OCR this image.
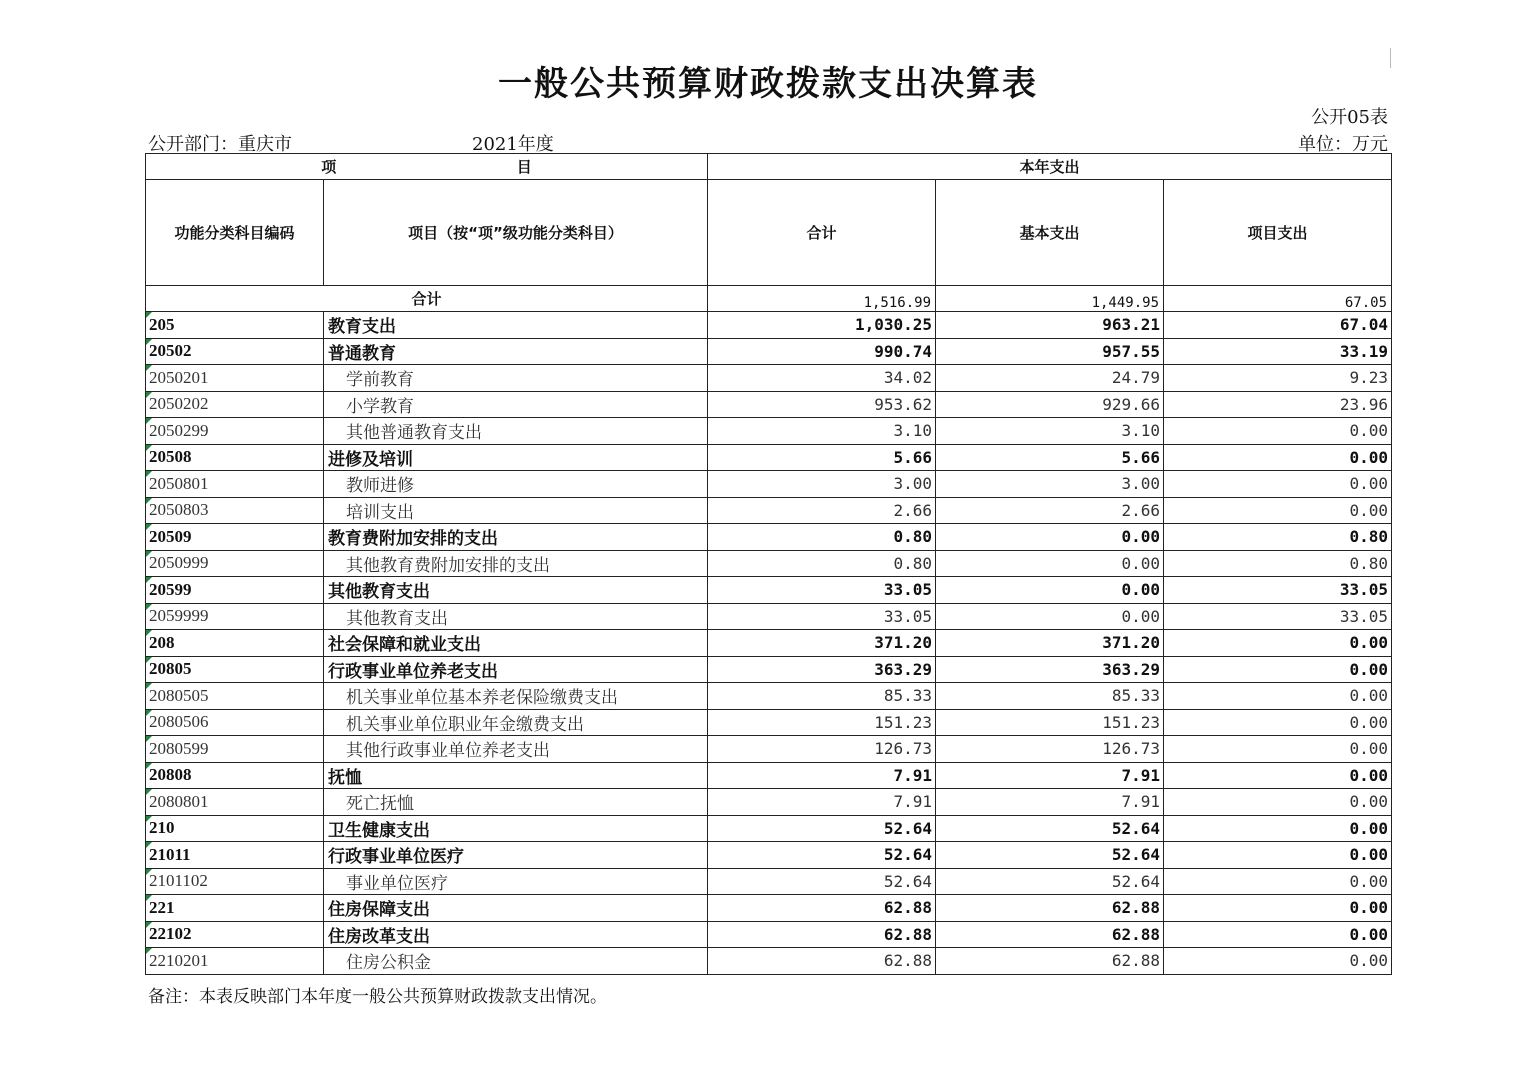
一般公共预算财政拨款支出决算表
公开05表
公开部门：重庆市	2021年度	单位：万元
项 目		本年支出		
功能分类科目编码	项目（按“项”级功能分类科目）	合计	基本支出	项目支出
合计		1,516.99	1,449.95	67.05

205	教育支出	1,030.25	963.21	67.04

20502	普通教育	990.74	957.55	33.19

2050201	学前教育	34.02	24.79	9.23

2050202	小学教育	953.62	929.66	23.96

2050299	其他普通教育支出	3.10	3.10	0.00

20508	进修及培训	5.66	5.66	0.00

2050801	教师进修	3.00	3.00	0.00

2050803	培训支出	2.66	2.66	0.00

20509	教育费附加安排的支出	0.80	0.00	0.80

2050999	其他教育费附加安排的支出	0.80	0.00	0.80

20599	其他教育支出	33.05	0.00	33.05

2059999	其他教育支出	33.05	0.00	33.05

208	社会保障和就业支出	371.20	371.20	0.00

20805	行政事业单位养老支出	363.29	363.29	0.00

2080505	机关事业单位基本养老保险缴费支出	85.33	85.33	0.00

2080506	机关事业单位职业年金缴费支出	151.23	151.23	0.00

2080599	其他行政事业单位养老支出	126.73	126.73	0.00

20808	抚恤	7.91	7.91	0.00

2080801	死亡抚恤	7.91	7.91	0.00

210	卫生健康支出	52.64	52.64	0.00

21011	行政事业单位医疗	52.64	52.64	0.00

2101102	事业单位医疗	52.64	52.64	0.00

221	住房保障支出	62.88	62.88	0.00

22102	住房改革支出	62.88	62.88	0.00

2210201	住房公积金	62.88	62.88	0.00
备注：本表反映部门本年度一般公共预算财政拨款支出情况。
